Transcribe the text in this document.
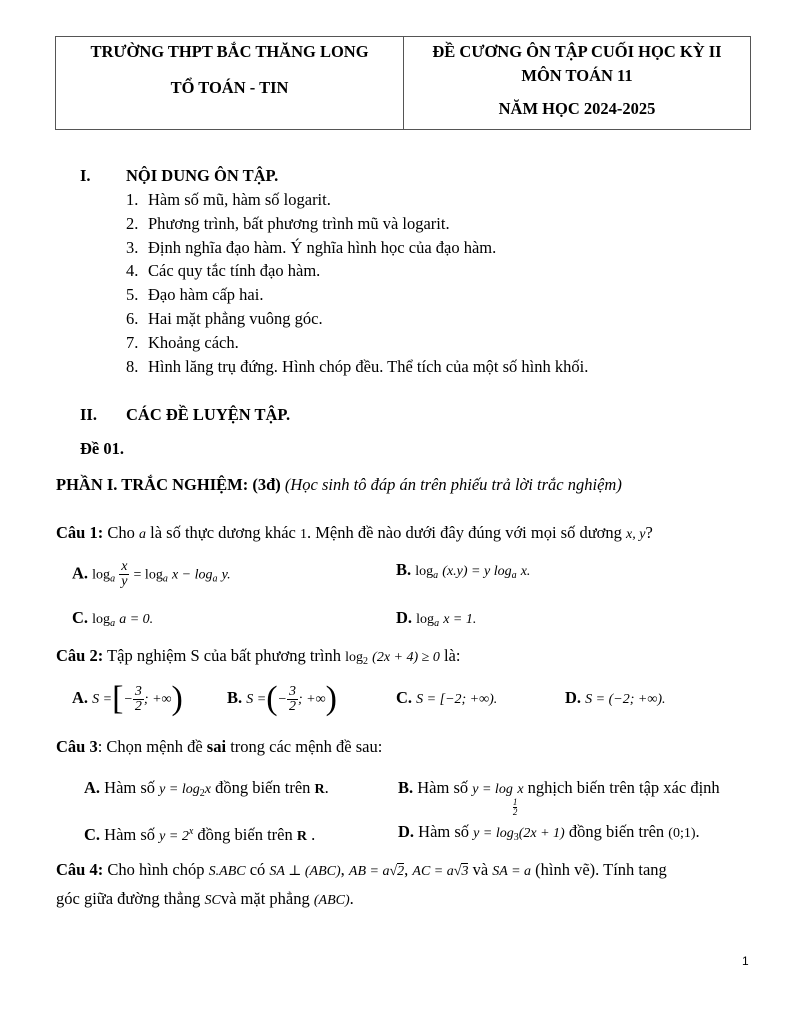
TRƯỜNG THPT BẮC THĂNG LONG
TỔ TOÁN - TIN
ĐỀ CƯƠNG ÔN TẬP CUỐI HỌC KỲ II
MÔN TOÁN 11
NĂM HỌC 2024-2025
I. NỘI DUNG ÔN TẬP.
1. Hàm số mũ, hàm số logarit.
2. Phương trình, bất phương trình mũ và logarit.
3. Định nghĩa đạo hàm. Ý nghĩa hình học của đạo hàm.
4. Các quy tắc tính đạo hàm.
5. Đạo hàm cấp hai.
6. Hai mặt phẳng vuông góc.
7. Khoảng cách.
8. Hình lăng trụ đứng. Hình chóp đều. Thể tích của một số hình khối.
II. CÁC ĐỀ LUYỆN TẬP.
Đề 01.
PHẦN I. TRẮC NGHIỆM: (3đ) (Học sinh tô đáp án trên phiếu trả lời trắc nghiệm)
Câu 1: Cho a là số thực dương khác 1. Mệnh đề nào dưới đây đúng với mọi số dương x, y?
A. $\log_a \frac{x}{y} = \log_a x - \log_a y$.	B. $\log_a (x.y) = y$ $\log_a x$.
C. $\log_a a = 0$.	D. $\log_a x = 1$.
Câu 2: Tập nghiệm S của bất phương trình $\log_2 (2x + 4) \ge 0$ là:
A. S =[− $\frac{3}{2}$ ; +∞)	B. S =(− $\frac{3}{2}$ ; +∞)	C. S = [−2; +∞).	D. S = (−2; +∞).
Câu 3: Chọn mệnh đề sai trong các mệnh đề sau:
A. Hàm số $y = \log_2x$ đồng biến trên R.	B. Hàm số y = log
$\frac{1}{2}$
x nghịch biến trên tập xác định
C. Hàm số $y = 2^x$ đồng biến trên R .	D. Hàm số $y = \log_3(2x + 1)$ đồng biến trên (0;1).
Câu 4: Cho hình chóp S.ABC có SA ⊥ (ABC), AB = a√2, AC = a√3 và SA = a (hình vẽ). Tính tang
góc giữa đường thẳng SCvà mặt phẳng (ABC).
1
